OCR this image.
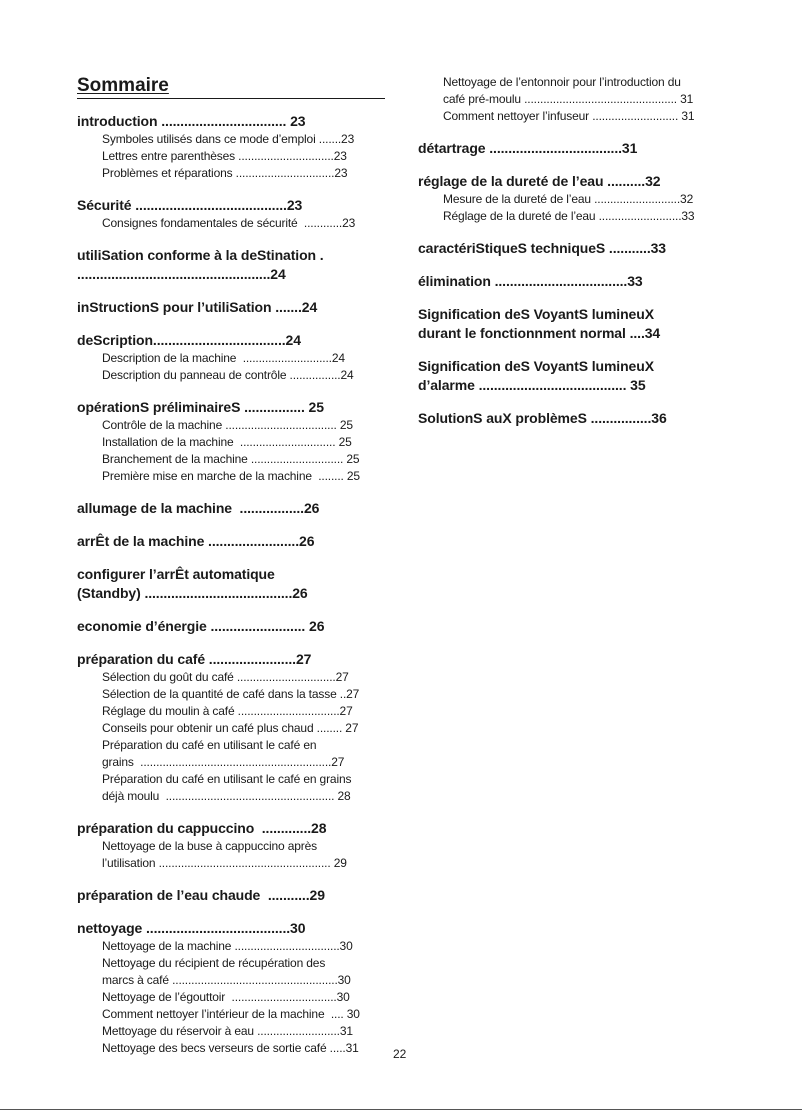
Sommaire
introduction ................................. 23
Symboles utilisés dans ce mode d’emploi .......23
Lettres entre parenthèses ..............................23
Problèmes et réparations ...............................23
Sécurité ........................................23
Consignes fondamentales de sécurité  ............23
utiliSation conforme à la deStination .
...................................................24
inStructionS pour l’utiliSation .......24
deScription...................................24
Description de la machine  ............................24
Description du panneau de contrôle ................24
opérationS préliminaireS ................ 25
Contrôle de la machine ................................... 25
Installation de la machine  .............................. 25
Branchement de la machine ............................. 25
Première mise en marche de la machine  ........ 25
allumage de la machine  .................26
arrÊt de la machine ........................26
configurer l’arrÊt automatique
(Standby) .......................................26
economie d’énergie ......................... 26
préparation du café .......................27
Sélection du goût du café ...............................27
Sélection de la quantité de café dans la tasse ..27
Réglage du moulin à café ................................27
Conseils pour obtenir un café plus chaud ........ 27
Préparation du café en utilisant le café en
grains  ............................................................27
Préparation du café en utilisant le café en grains
déjà moulu  ..................................................... 28
préparation du cappuccino  .............28
Nettoyage de la buse à cappuccino après
l’utilisation ...................................................... 29
préparation de l’eau chaude  ...........29
nettoyage ......................................30
Nettoyage de la machine .................................30
Nettoyage du récipient de récupération des
marcs à café ....................................................30
Nettoyage de l’égouttoir  .................................30
Comment nettoyer l’intérieur de la machine  .... 30
Mettoyage du réservoir à eau ..........................31
Nettoyage des becs verseurs de sortie café .....31
Nettoyage de l’entonnoir pour l’introduction du
café pré-moulu ................................................ 31
Comment nettoyer l’infuseur ........................... 31
détartrage ...................................31
réglage de la dureté de l’eau ..........32
Mesure de la dureté de l’eau ...........................32
Réglage de la dureté de l’eau ..........................33
caractériStiqueS techniqueS ...........33
élimination ...................................33
Signification deS VoyantS lumineuX
durant le fonctionnment normal ....34
Signification deS VoyantS lumineuX
d’alarme ....................................... 35
SolutionS auX problèmeS ................36
22
